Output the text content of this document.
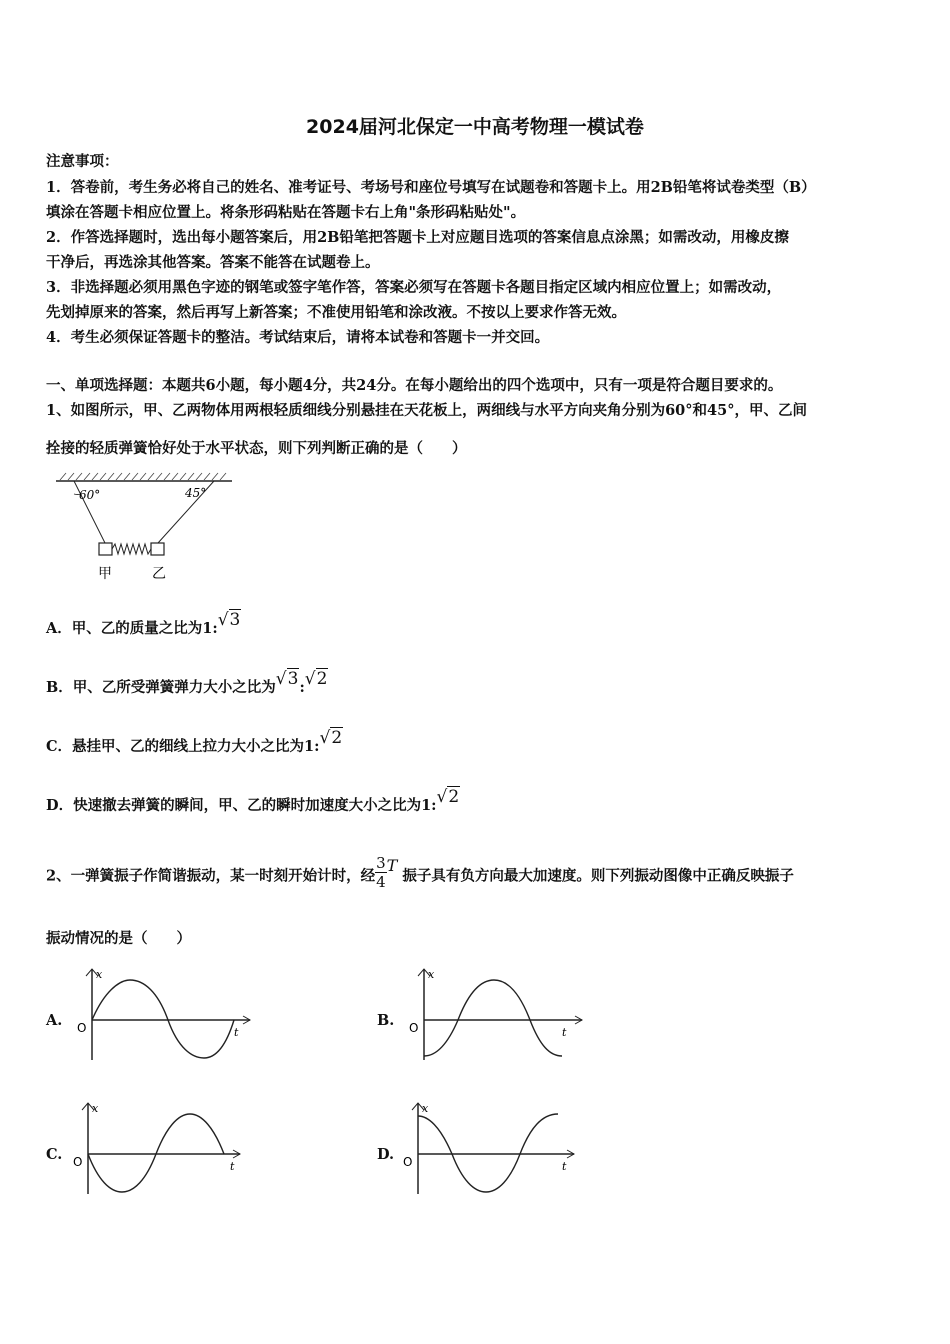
2024届河北保定一中高考物理一模试卷
注意事项：
1．答卷前，考生务必将自己的姓名、准考证号、考场号和座位号填写在试题卷和答题卡上。用2B铅笔将试卷类型（B）
填涂在答题卡相应位置上。将条形码粘贴在答题卡右上角"条形码粘贴处"。
2．作答选择题时，选出每小题答案后，用2B铅笔把答题卡上对应题目选项的答案信息点涂黑；如需改动，用橡皮擦
干净后，再选涂其他答案。答案不能答在试题卷上。
3．非选择题必须用黑色字迹的钢笔或签字笔作答，答案必须写在答题卡各题目指定区域内相应位置上；如需改动，
先划掉原来的答案，然后再写上新答案；不准使用铅笔和涂改液。不按以上要求作答无效。
4．考生必须保证答题卡的整洁。考试结束后，请将本试卷和答题卡一并交回。
一、单项选择题：本题共6小题，每小题4分，共24分。在每小题给出的四个选项中，只有一项是符合题目要求的。
1、如图所示，甲、乙两物体用两根轻质细线分别悬挂在天花板上，两细线与水平方向夹角分别为60°和45°，甲、乙间
拴接的轻质弹簧恰好处于水平状态，则下列判断正确的是（　　）
60°	45°
甲	乙
A．甲、乙的质量之比为1:√3
B．甲、乙所受弹簧弹力大小之比为√3:√2
C．悬挂甲、乙的细线上拉力大小之比为1:√2
D．快速撤去弹簧的瞬间，甲、乙的瞬时加速度大小之比为1:√2
2、一弹簧振子作简谐振动，某一时刻开始计时，经 $\frac{3}{4}$ T 振子具有负方向最大加速度。则下列振动图像中正确反映振子
振动情况的是（　　）
A.
x
t
O	B.
x
t
O
C.
x
t
O	D.
x
t
O
